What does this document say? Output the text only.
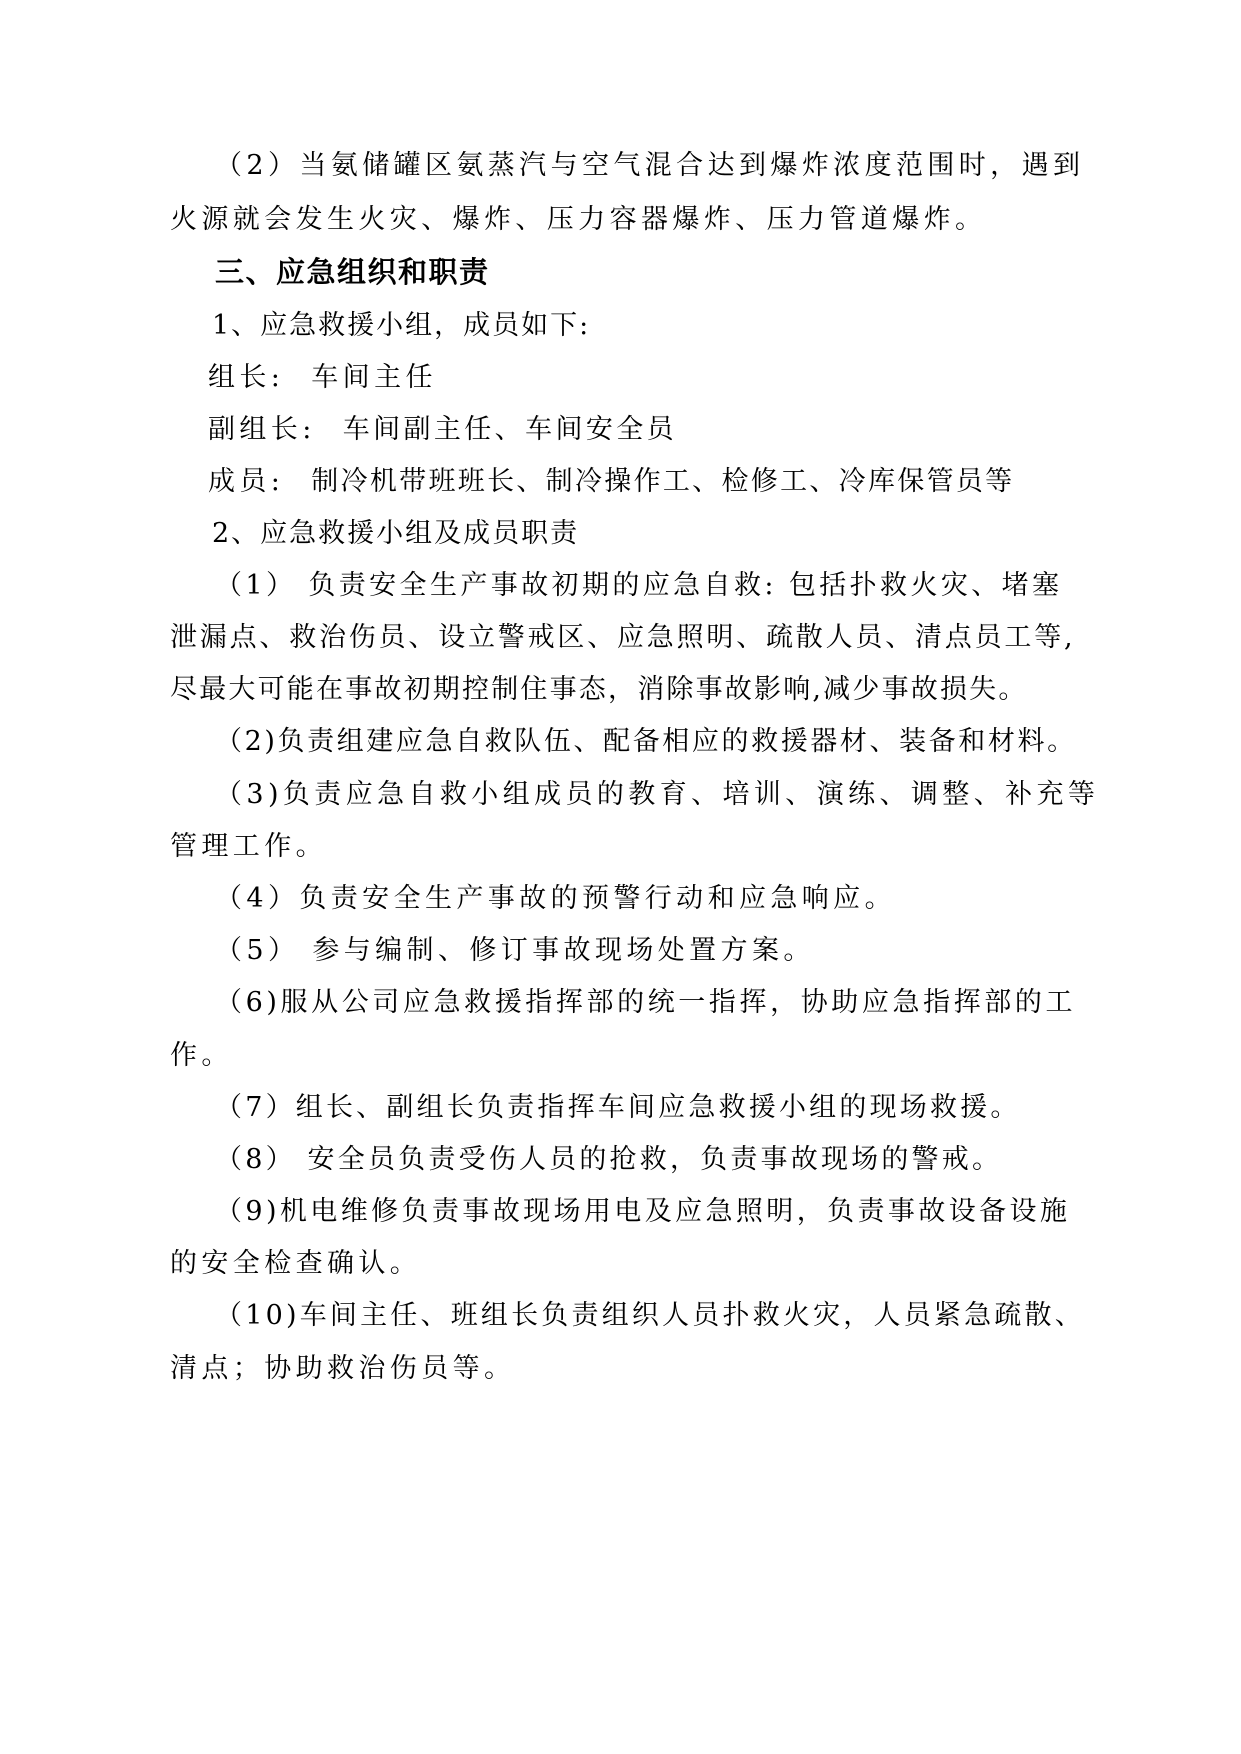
（2）当氨储罐区氨蒸汽与空气混合达到爆炸浓度范围时，遇到
火源就会发生火灾、爆炸、压力容器爆炸、压力管道爆炸。
三、应急组织和职责
1、应急救援小组，成员如下:
组长: 车间主任
副组长: 车间副主任、车间安全员
成员: 制冷机带班班长、制冷操作工、检修工、冷库保管员等
2、应急救援小组及成员职责
（1） 负责安全生产事故初期的应急自救: 包括扑救火灾、堵塞
泄漏点、救治伤员、设立警戒区、应急照明、疏散人员、清点员工等,
尽最大可能在事故初期控制住事态，消除事故影响,减少事故损失。
（2)负责组建应急自救队伍、配备相应的救援器材、装备和材料。
（3)负责应急自救小组成员的教育、培训、演练、调整、补充等
管理工作。
（4）负责安全生产事故的预警行动和应急响应。
（5） 参与编制、修订事故现场处置方案。
（6)服从公司应急救援指挥部的统一指挥，协助应急指挥部的工
作。
（7）组长、副组长负责指挥车间应急救援小组的现场救援。
（8） 安全员负责受伤人员的抢救，负责事故现场的警戒。
（9)机电维修负责事故现场用电及应急照明，负责事故设备设施
的安全检查确认。
（10)车间主任、班组长负责组织人员扑救火灾，人员紧急疏散、
清点；协助救治伤员等。
